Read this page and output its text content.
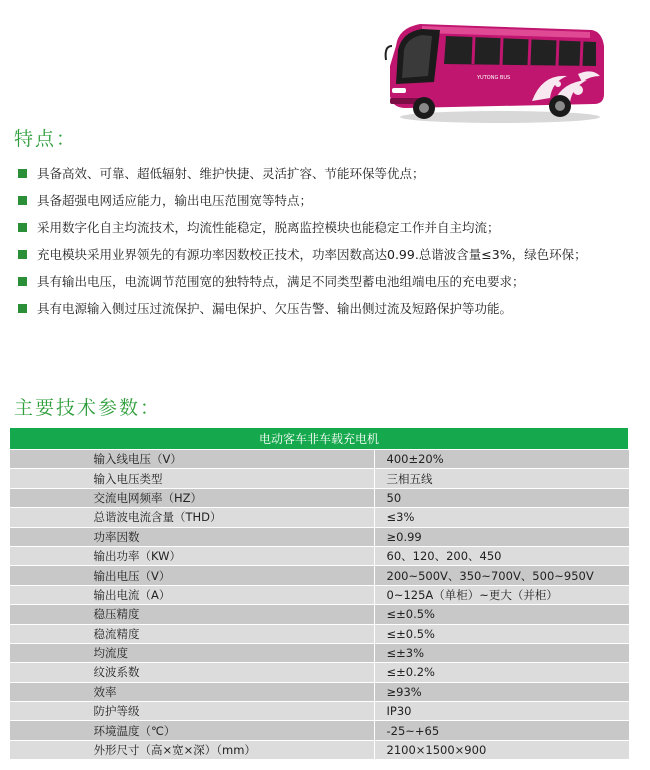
YUTONG BUS
特点：
具备高效、可靠、超低辐射、维护快捷、灵活扩容、节能环保等优点；
具备超强电网适应能力，输出电压范围宽等特点；
采用数字化自主均流技术，均流性能稳定，脱离监控模块也能稳定工作并自主均流；
充电模块采用业界领先的有源功率因数校正技术，功率因数高达0.99.总谐波含量≤3%，绿色环保；
具有输出电压，电流调节范围宽的独特特点，满足不同类型蓄电池组端电压的充电要求；
具有电源输入侧过压过流保护、漏电保护、欠压告警、输出侧过流及短路保护等功能。
主要技术参数：
电动客车非车载充电机	
输入线电压（V）	400±20%
输入电压类型	三相五线
交流电网频率（HZ）	50
总谐波电流含量（THD）	≤3%
功率因数	≥0.99
输出功率（KW）	60、120、200、450
输出电压（V）	200~500V、350~700V、500~950V
输出电流（A）	0~125A（单柜）~更大（并柜）
稳压精度	≤±0.5%
稳流精度	≤±0.5%
均流度	≤±3%
纹波系数	≤±0.2%
效率	≥93%
防护等级	IP30
环境温度（℃）	-25~+65
外形尺寸（高×宽×深）（mm）	2100×1500×900
